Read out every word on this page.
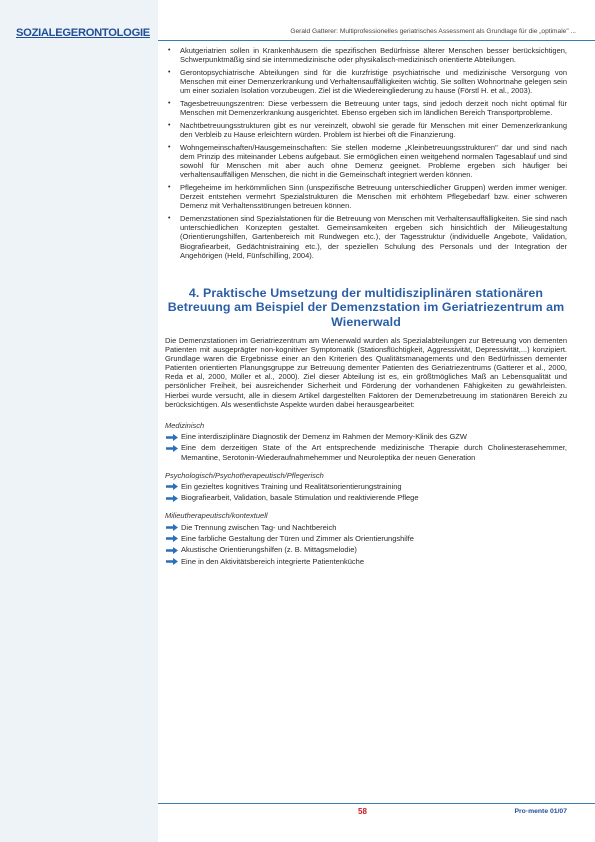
SOZIALEGERONTOLOGIE	Gerald Gatterer: Multiprofessionelles geriatrisches Assessment als Grundlage für die „optimale" ...
• Akutgeriatrien sollen in Krankenhäusern die spezifischen Bedürfnisse älterer Menschen besser berücksichtigen, Schwerpunktmäßig sind sie internmedizinische oder physikalisch-medizinisch orientierte Abteilungen.
• Gerontopsychiatrische Abteilungen sind für die kurzfristige psychiatrische und medizinische Versorgung von Menschen mit einer Demenzerkrankung und Verhaltensauffälligkeiten wichtig. Sie sollten Wohnortnahe gelegen sein um einer sozialen Isolation vorzubeugen. Ziel ist die Wiedereingliederung zu hause (Förstl H. et al., 2003).
• Tagesbetreuungszentren: Diese verbessern die Betreuung unter tags, sind jedoch derzeit noch nicht optimal für Menschen mit Demenzerkrankung ausgerichtet. Ebenso ergeben sich im ländlichen Bereich Transportprobleme.
• Nachtbetreuungsstrukturen gibt es nur vereinzelt, obwohl sie gerade für Menschen mit einer Demenzerkrankung den Verbleib zu Hause erleichtern würden. Problem ist hierbei oft die Finanzierung.
• Wohngemeinschaften/Hausgemeinschaften: Sie stellen moderne „Kleinbetreuungsstrukturen" dar und sind nach dem Prinzip des miteinander Lebens aufgebaut. Sie ermöglichen einen weitgehend normalen Tagesablauf und sind sowohl für Menschen mit aber auch ohne Demenz geeignet. Probleme ergeben sich häufiger bei verhaltensauffälligen Menschen, die nicht in die Gemeinschaft integriert werden können.
• Pflegeheime im herkömmlichen Sinn (unspezifische Betreuung unterschiedlicher Gruppen) werden immer weniger. Derzeit entstehen vermehrt Spezialstrukturen die Menschen mit erhöhtem Pflegebedarf bzw. einer schweren Demenz mit Verhaltensstörungen betreuen können.
• Demenzstationen sind Spezialstationen für die Betreuung von Menschen mit Verhaltensauffälligkeiten. Sie sind nach unterschiedlichen Konzepten gestaltet. Gemeinsamkeiten ergeben sich hinsichtlich der Milieugestaltung (Orientierungshilfen, Gartenbereich mit Rundwegen etc.), der Tagesstruktur (individuelle Angebote, Validation, Biografiearbeit, Gedächtnistraining etc.), der speziellen Schulung des Personals und der Integration der Angehörigen (Held, Fünfschilling, 2004).
4. Praktische Umsetzung der multidisziplinären stationären Betreuung am Beispiel der Demenzstation im Geriatriezentrum am Wienerwald

Die Demenzstationen im Geriatriezentrum am Wienerwald wurden als Spezialabteilungen zur Betreuung von dementen Patienten mit ausgeprägter non-kognitiver Symptomatik (Stationsflüchtigkeit, Aggressivität, Depressivität,...) konzipiert. Grundlage waren die Ergebnisse einer an den Kriterien des Qualitätsmanagements und den Bedürfnissen dementer Patienten orientierten Planungsgruppe zur Betreuung dementer Patienten des Geriatriezentrums (Gatterer et al., 2000, Reda et al, 2000, Müller et al., 2000). Ziel dieser Abteilung ist es, ein größtmögliches Maß an Lebensqualität und persönlicher Freiheit, bei ausreichender Sicherheit und Förderung der vorhandenen Fähigkeiten zu gewährleisten. Hierbei wurde versucht, alle in diesem Artikel dargestellten Faktoren der Demenzbetreuung im stationären Bereich zu berücksichtigen. Als wesentlichste Aspekte wurden dabei herausgearbeitet:

Medizinisch
Eine interdisziplinäre Diagnostik der Demenz im Rahmen der Memory-Klinik des GZW
Eine dem derzeitigen State of the Art entsprechende medizinische Therapie durch Cholinesterasehemmer, Memantine, Serotonin-Wiederaufnahmehemmer und Neuroleptika der neuen Generation
Psychologisch/Psychotherapeutisch/Pflegerisch
Ein gezieltes kognitives Training und Realitätsorientierungstraining
Biografiearbeit, Validation, basale Stimulation und reaktivierende Pflege
Milieutherapeutisch/kontextuell
Die Trennung zwischen Tag- und Nachtbereich
Eine farbliche Gestaltung der Türen und Zimmer als Orientierungshilfe
Akustische Orientierungshilfen (z. B. Mittagsmelodie)
Eine in den Aktivitätsbereich integrierte Patientenküche
58	Pro·mente 01/07
